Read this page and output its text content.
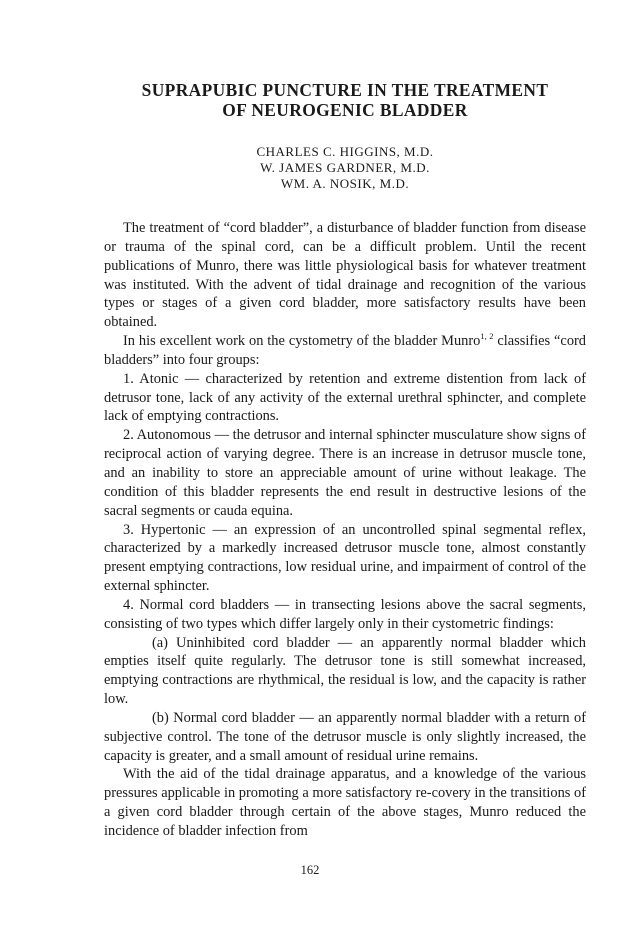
SUPRAPUBIC PUNCTURE IN THE TREATMENT
OF NEUROGENIC BLADDER
CHARLES C. HIGGINS, M.D.
W. JAMES GARDNER, M.D.
WM. A. NOSIK, M.D.

The treatment of “cord bladder”, a disturbance of bladder function from disease or trauma of the spinal cord, can be a difficult problem. Until the recent publications of Munro, there was little physiological basis for whatever treatment was instituted. With the advent of tidal drainage and recognition of the various types or stages of a given cord bladder, more satisfactory results have been obtained.

In his excellent work on the cystometry of the bladder Munro$^{1, 2}$ classifies “cord bladders” into four groups:

1. Atonic — characterized by retention and extreme distention from lack of detrusor tone, lack of any activity of the external urethral sphincter, and complete lack of emptying contractions.

2. Autonomous — the detrusor and internal sphincter musculature show signs of reciprocal action of varying degree. There is an increase in detrusor muscle tone, and an inability to store an appreciable amount of urine without leakage. The condition of this bladder represents the end result in destructive lesions of the sacral segments or cauda equina.

3. Hypertonic — an expression of an uncontrolled spinal segmental reflex, characterized by a markedly increased detrusor muscle tone, almost constantly present emptying contractions, low residual urine, and impairment of control of the external sphincter.

4. Normal cord bladders — in transecting lesions above the sacral segments, consisting of two types which differ largely only in their cystometric findings:

(a) Uninhibited cord bladder — an apparently normal bladder which empties itself quite regularly. The detrusor tone is still somewhat increased, emptying contractions are rhythmical, the residual is low, and the capacity is rather low.

(b) Normal cord bladder — an apparently normal bladder with a return of subjective control. The tone of the detrusor muscle is only slightly increased, the capacity is greater, and a small amount of residual urine remains.

With the aid of the tidal drainage apparatus, and a knowledge of the various pressures applicable in promoting a more satisfactory re-covery in the transitions of a given cord bladder through certain of the above stages, Munro reduced the incidence of bladder infection from

162
